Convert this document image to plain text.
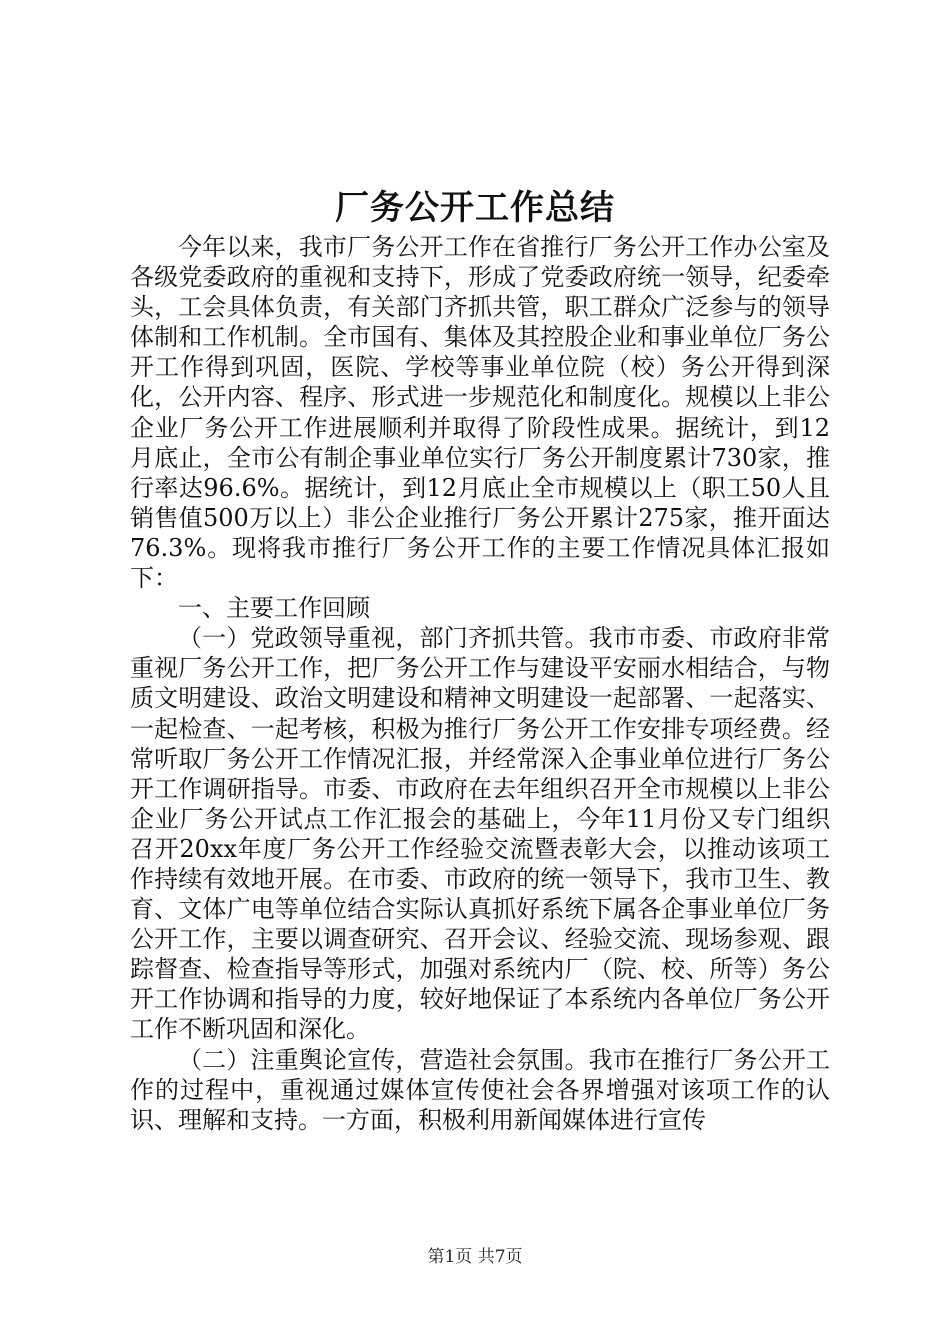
厂务公开工作总结

今年以来，我市厂务公开工作在省推行厂务公开工作办公室及各级党委政府的重视和支持下，形成了党委政府统一领导，纪委牵头，工会具体负责，有关部门齐抓共管，职工群众广泛参与的领导体制和工作机制。全市国有、集体及其控股企业和事业单位厂务公开工作得到巩固，医院、学校等事业单位院（校）务公开得到深化，公开内容、程序、形式进一步规范化和制度化。规模以上非公企业厂务公开工作进展顺利并取得了阶段性成果。据统计，到12月底止，全市公有制企事业单位实行厂务公开制度累计730家，推行率达96.6%。据统计，到12月底止全市规模以上（职工50人且销售值500万以上）非公企业推行厂务公开累计275家，推开面达76.3%。现将我市推行厂务公开工作的主要工作情况具体汇报如下：

一、主要工作回顾

（一）党政领导重视，部门齐抓共管。我市市委、市政府非常重视厂务公开工作，把厂务公开工作与建设平安丽水相结合，与物质文明建设、政治文明建设和精神文明建设一起部署、一起落实、一起检查、一起考核，积极为推行厂务公开工作安排专项经费。经常听取厂务公开工作情况汇报，并经常深入企事业单位进行厂务公开工作调研指导。市委、市政府在去年组织召开全市规模以上非公企业厂务公开试点工作汇报会的基础上，今年11月份又专门组织召开20xx年度厂务公开工作经验交流暨表彰大会，以推动该项工作持续有效地开展。在市委、市政府的统一领导下，我市卫生、教育、文体广电等单位结合实际认真抓好系统下属各企事业单位厂务公开工作，主要以调查研究、召开会议、经验交流、现场参观、跟踪督查、检查指导等形式，加强对系统内厂（院、校、所等）务公开工作协调和指导的力度，较好地保证了本系统内各单位厂务公开工作不断巩固和深化。

（二）注重舆论宣传，营造社会氛围。我市在推行厂务公开工作的过程中，重视通过媒体宣传使社会各界增强对该项工作的认识、理解和支持。一方面，积极利用新闻媒体进行宣传

第1页 共7页
